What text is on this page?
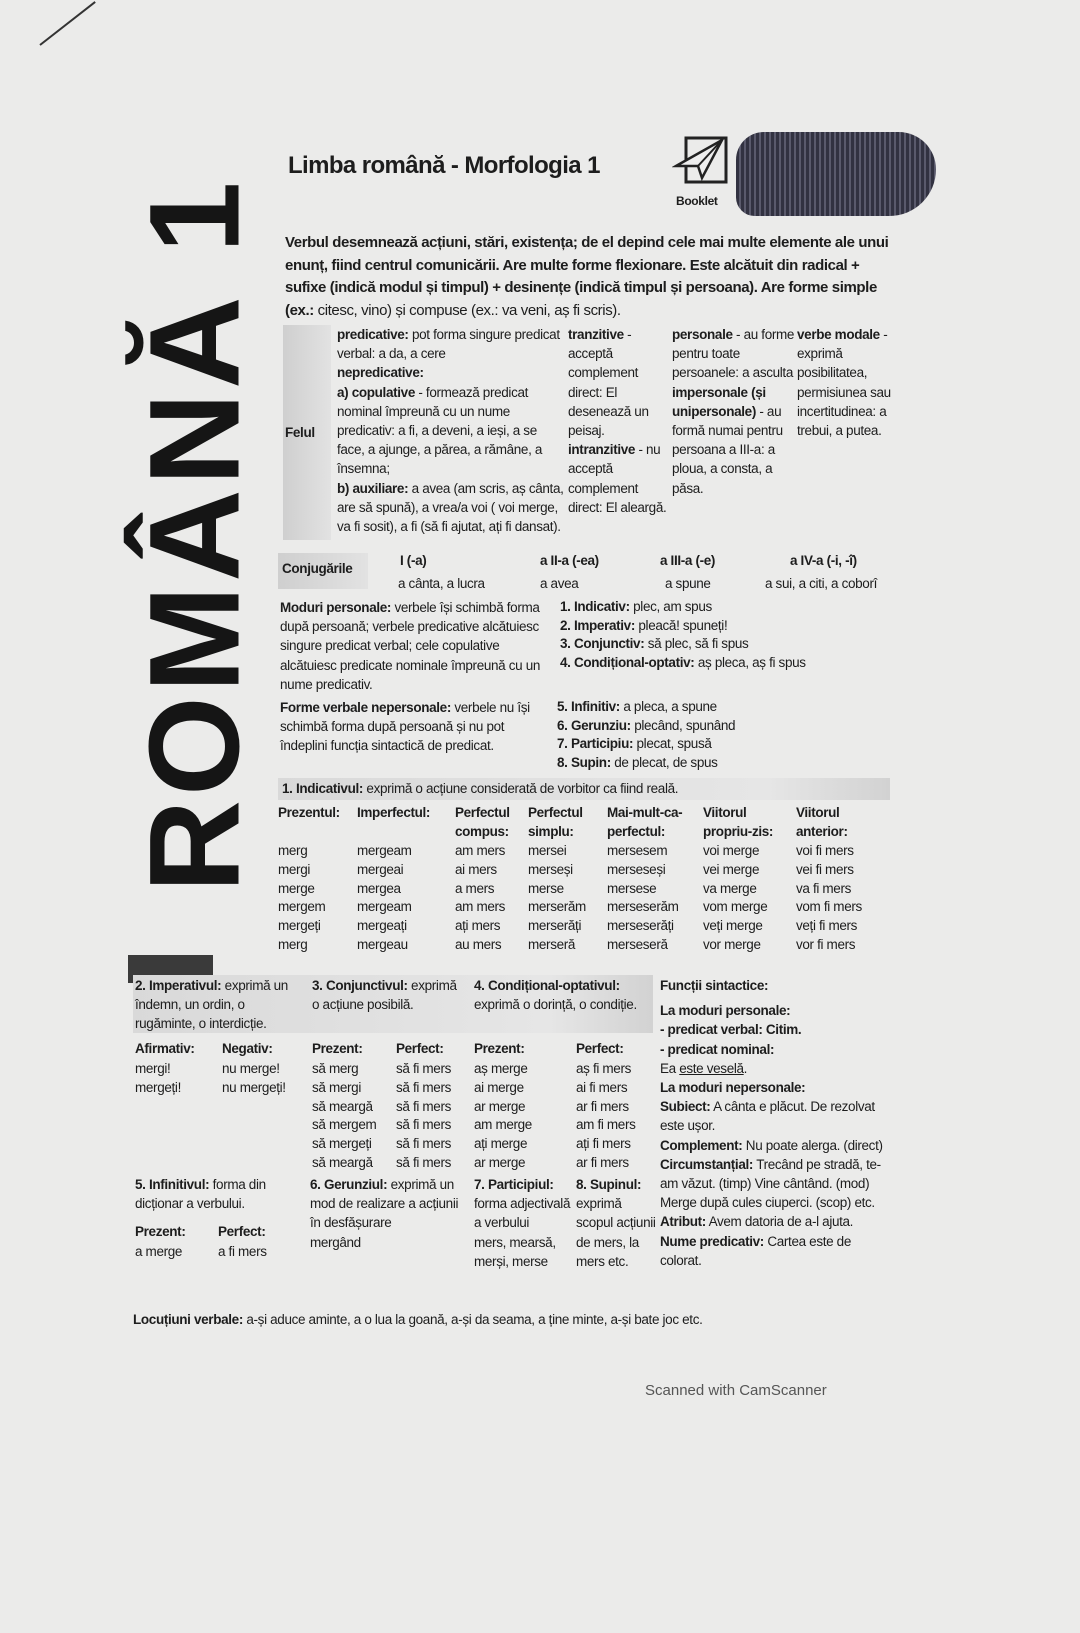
ROMÂNĂ 1
Limba română - Morfologia 1
Booklet
Verbul desemnează acțiuni, stări, existența; de el depind cele mai multe elemente ale unui enunț, fiind centrul comunicării. Are multe forme flexionare. Este alcătuit din radical + sufixe (indică modul și timpul) + desinențe (indică timpul și persoana). Are forme simple (ex.: citesc, vino) și compuse (ex.: va veni, aș fi scris).
Felul
predicative: pot forma singure predicat verbal: a da, a cere
nepredicative:
a) copulative - formează predicat nominal împreună cu un nume predicativ: a fi, a deveni, a ieși, a se face, a ajunge, a părea, a rămâne, a însemna;
b) auxiliare: a avea (am scris, aș cânta, are să spună), a vrea/a voi ( voi merge, va fi sosit), a fi (să fi ajutat, ați fi dansat).
tranzitive - acceptă complement direct: El desenează un peisaj.
intranzitive - nu acceptă complement direct: El aleargă.
personale - au forme pentru toate persoanele: a asculta
impersonale (și unipersonale) - au formă numai pentru persoana a III-a: a ploua, a consta, a păsa.
verbe modale - exprimă posibilitatea, permisiunea sau incertitudinea: a trebui, a putea.
Conjugările
I (-a)
a cânta, a lucra
a II-a (-ea)
a avea
a III-a (-e)
a spune
a IV-a (-i, -î)
a sui, a citi, a coborî
Moduri personale: verbele își schimbă forma după persoană; verbele predicative alcătuiesc singure predicat verbal; cele copulative alcătuiesc predicate nominale împreună cu un nume predicativ.
1. Indicativ: plec, am spus
2. Imperativ: pleacă! spuneți!
3. Conjunctiv: să plec, să fi spus
4. Condițional-optativ: aș pleca, aș fi spus
Forme verbale nepersonale: verbele nu își schimbă forma după persoană și nu pot îndeplini funcția sintactică de predicat.
5. Infinitiv: a pleca, a spune
6. Gerunziu: plecând, spunând
7. Participiu: plecat, spusă
8. Supin: de plecat, de spus
1. Indicativul: exprimă o acțiune considerată de vorbitor ca fiind reală.
Prezentul:
merg
mergi
merge
mergem
mergeți
merg
Imperfectul:
mergeam
mergeai
mergea
mergeam
mergeați
mergeau
Perfectul compus:
am mers
ai mers
a mers
am mers
ați mers
au mers
Perfectul simplu:
mersei
merseși
merse
merserăm
merserăți
merseră
Mai-mult-ca-perfectul:
mersesem
merseseși
mersese
merseserăm
merseserăți
merseseră
Viitorul propriu-zis:
voi merge
vei merge
va merge
vom merge
veți merge
vor merge
Viitorul anterior:
voi fi mers
vei fi mers
va fi mers
vom fi mers
veți fi mers
vor fi mers
2. Imperativul: exprimă un îndemn, un ordin, o rugăminte, o interdicție.
3. Conjunctivul: exprimă o acțiune posibilă.
4. Condițional-optativul: exprimă o dorință, o condiție.
Afirmativ:
mergi!
mergeți!
Negativ:
nu merge!
nu mergeți!
Prezent:
să merg
să mergi
să meargă
să mergem
să mergeți
să meargă
Perfect:
să fi mers
să fi mers
să fi mers
să fi mers
să fi mers
să fi mers
Prezent:
aș merge
ai merge
ar merge
am merge
ați merge
ar merge
Perfect:
aș fi mers
ai fi mers
ar fi mers
am fi mers
ați fi mers
ar fi mers
Prezent:
a merge
Perfect:
a fi mers
5. Infinitivul: forma din dicționar a verbului.
6. Gerunziul: exprimă un mod de realizare a acțiunii în desfășurare
mergând
7. Participiul: forma adjectivală a verbului
mers, mearsă, merși, merse
8. Supinul: exprimă scopul acțiunii
de mers, la mers etc.
Funcții sintactice:
La moduri personale:
- predicat verbal: Citim.
- predicat nominal:
Ea este veselă.
La moduri nepersonale:
Subiect: A cânta e plăcut. De rezolvat este ușor.
Complement: Nu poate alerga. (direct)
Circumstanțial: Trecând pe stradă, te-am văzut. (timp) Vine cântând. (mod) Merge după cules ciuperci. (scop) etc.
Atribut: Avem datoria de a-l ajuta.
Nume predicativ: Cartea este de colorat.
Locuțiuni verbale: a-și aduce aminte, a o lua la goană, a-și da seama, a ține minte, a-și bate joc etc.
Scanned with CamScanner
